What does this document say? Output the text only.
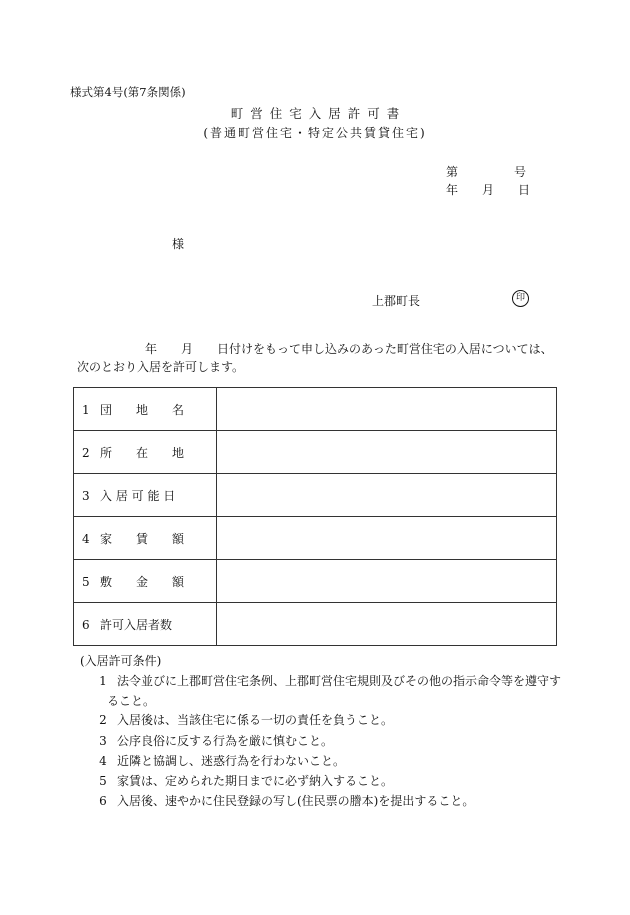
様式第4号(第7条関係)
町営住宅入居許可書
(普通町営住宅・特定公共賃貸住宅)
第	号
年 月 日
様
上郡町長	印
年　　月　　日付けをもって申し込みのあった町営住宅の入居については、
次のとおり入居を許可します。
1 団　　地　　名	
2 所　　在　　地	
3 入 居 可 能 日	
4 家　　賃　　額	
5 敷　　金　　額	
6 許可入居者数	
(入居許可条件)
1 法令並びに上郡町営住宅条例、上郡町営住宅規則及びその他の指示命令等を遵守す
ること。
2 入居後は、当該住宅に係る一切の責任を負うこと。
3 公序良俗に反する行為を厳に慎むこと。
4 近隣と協調し、迷惑行為を行わないこと。
5 家賃は、定められた期日までに必ず納入すること。
6 入居後、速やかに住民登録の写し(住民票の謄本)を提出すること。
